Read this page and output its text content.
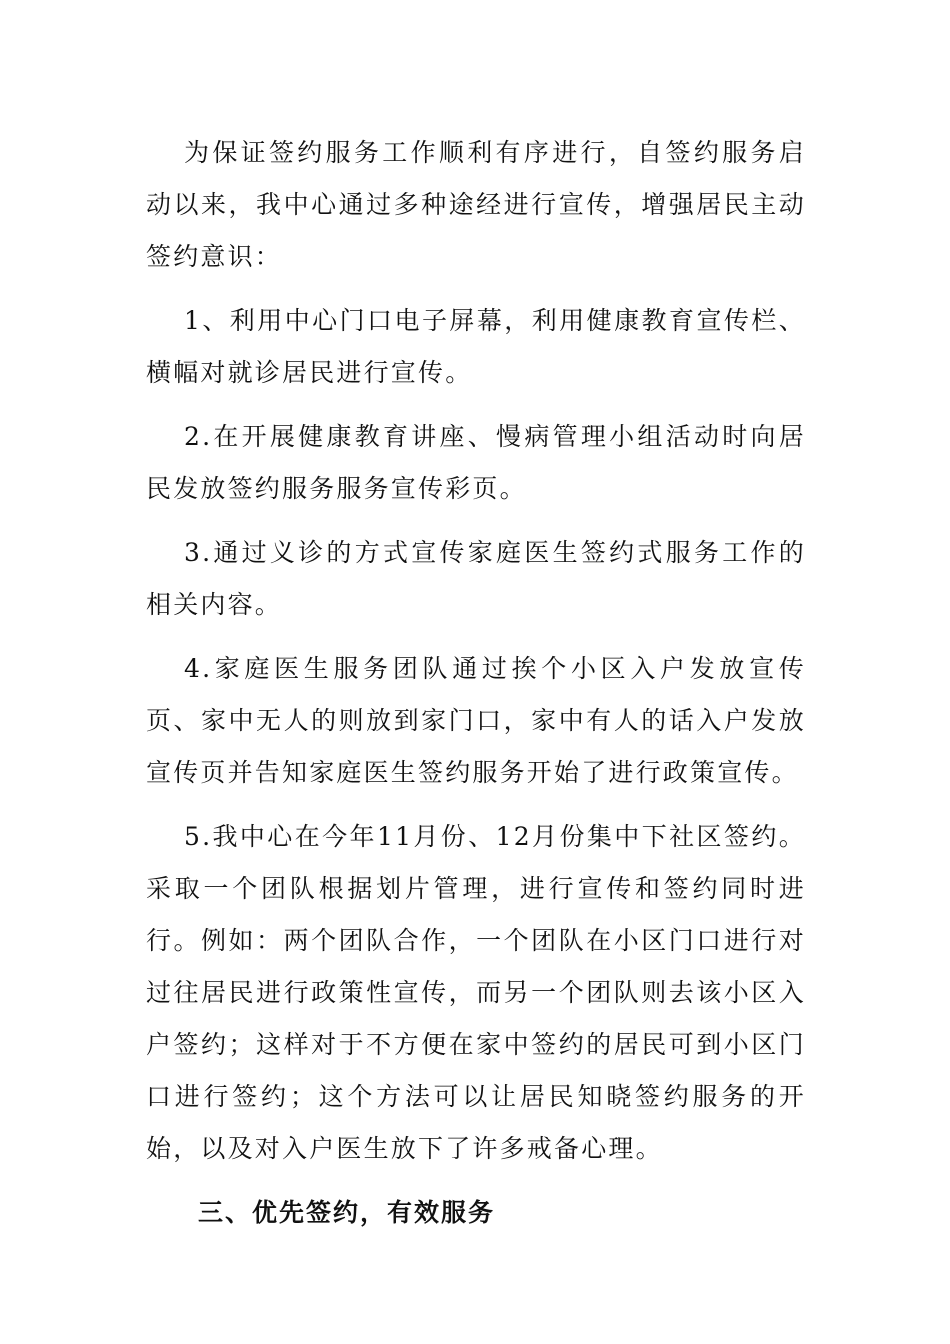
为保证签约服务工作顺利有序进行，自签约服务启动以来，我中心通过多种途经进行宣传，增强居民主动签约意识：

1、利用中心门口电子屏幕，利用健康教育宣传栏、横幅对就诊居民进行宣传。

2.在开展健康教育讲座、慢病管理小组活动时向居民发放签约服务服务宣传彩页。

3.通过义诊的方式宣传家庭医生签约式服务工作的相关内容。

4.家庭医生服务团队通过挨个小区入户发放宣传页、家中无人的则放到家门口，家中有人的话入户发放宣传页并告知家庭医生签约服务开始了进行政策宣传。

5.我中心在今年11月份、12月份集中下社区签约。采取一个团队根据划片管理，进行宣传和签约同时进行。例如：两个团队合作，一个团队在小区门口进行对过往居民进行政策性宣传，而另一个团队则去该小区入户签约；这样对于不方便在家中签约的居民可到小区门口进行签约；这个方法可以让居民知晓签约服务的开始，以及对入户医生放下了许多戒备心理。

三、优先签约，有效服务
